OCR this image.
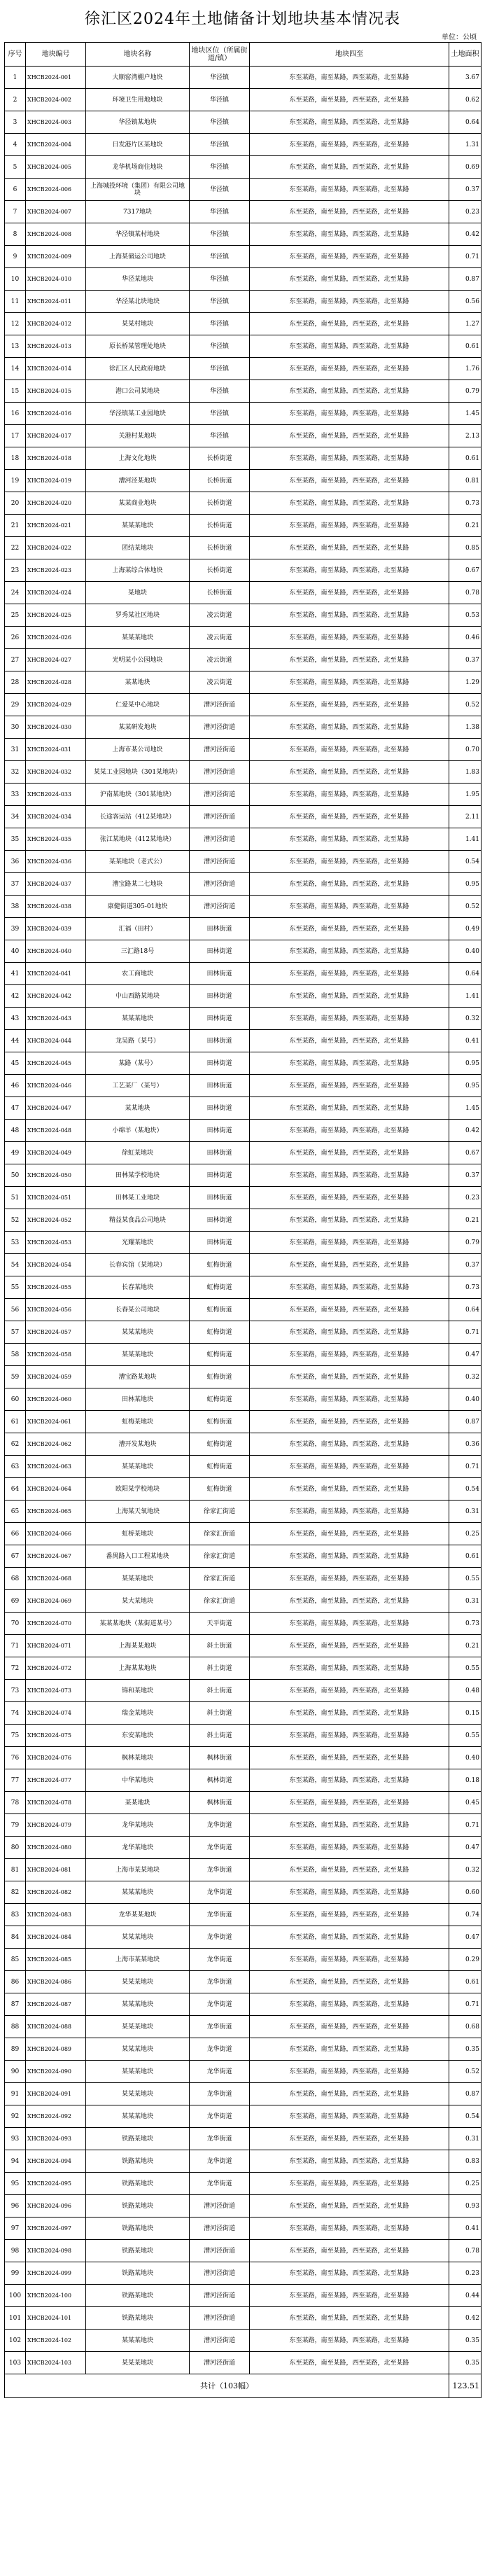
徐汇区2024年土地储备计划地块基本情况表
单位：公顷
序号	地块编号	地块名称	地块区位（所属街道/镇）	地块四至	土地面积
1	XHCB2024-001	大顺窑湾棚户地块	华泾镇	东至某路，南至某路，西至某路，北至某路	3.67
2	XHCB2024-002	环境卫生用地地块	华泾镇	东至某路，南至某路，西至某路，北至某路	0.62
3	XHCB2024-003	华泾镇某地块	华泾镇	东至某路，南至某路，西至某路，北至某路	0.64
4	XHCB2024-004	日发港片区某地块	华泾镇	东至某路，南至某路，西至某路，北至某路	1.31
5	XHCB2024-005	龙华机场商住地块	华泾镇	东至某路，南至某路，西至某路，北至某路	0.69
6	XHCB2024-006	上海城投环境（集团）有限公司地块	华泾镇	东至某路，南至某路，西至某路，北至某路	0.37
7	XHCB2024-007	7317地块	华泾镇	东至某路，南至某路，西至某路，北至某路	0.23
8	XHCB2024-008	华泾镇某村地块	华泾镇	东至某路，南至某路，西至某路，北至某路	0.42
9	XHCB2024-009	上海某储运公司地块	华泾镇	东至某路，南至某路，西至某路，北至某路	0.71
10	XHCB2024-010	华泾某地块	华泾镇	东至某路，南至某路，西至某路，北至某路	0.87
11	XHCB2024-011	华泾某北块地块	华泾镇	东至某路，南至某路，西至某路，北至某路	0.56
12	XHCB2024-012	某某村地块	华泾镇	东至某路，南至某路，西至某路，北至某路	1.27
13	XHCB2024-013	原长桥某管理处地块	华泾镇	东至某路，南至某路，西至某路，北至某路	0.61
14	XHCB2024-014	徐汇区人民政府地块	华泾镇	东至某路，南至某路，西至某路，北至某路	1.76
15	XHCB2024-015	港口公司某地块	华泾镇	东至某路，南至某路，西至某路，北至某路	0.79
16	XHCB2024-016	华泾镇某工业园地块	华泾镇	东至某路，南至某路，西至某路，北至某路	1.45
17	XHCB2024-017	关港村某地块	华泾镇	东至某路，南至某路，西至某路，北至某路	2.13
18	XHCB2024-018	上海文化地块	长桥街道	东至某路，南至某路，西至某路，北至某路	0.61
19	XHCB2024-019	漕河泾某地块	长桥街道	东至某路，南至某路，西至某路，北至某路	0.81
20	XHCB2024-020	某某商业地块	长桥街道	东至某路，南至某路，西至某路，北至某路	0.73
21	XHCB2024-021	某某某地块	长桥街道	东至某路，南至某路，西至某路，北至某路	0.21
22	XHCB2024-022	团结某地块	长桥街道	东至某路，南至某路，西至某路，北至某路	0.85
23	XHCB2024-023	上海某综合体地块	长桥街道	东至某路，南至某路，西至某路，北至某路	0.67
24	XHCB2024-024	某地块	长桥街道	东至某路，南至某路，西至某路，北至某路	0.78
25	XHCB2024-025	罗秀某社区地块	凌云街道	东至某路，南至某路，西至某路，北至某路	0.53
26	XHCB2024-026	某某某地块	凌云街道	东至某路，南至某路，西至某路，北至某路	0.46
27	XHCB2024-027	光明某小公园地块	凌云街道	东至某路，南至某路，西至某路，北至某路	0.37
28	XHCB2024-028	某某地块	凌云街道	东至某路，南至某路，西至某路，北至某路	1.29
29	XHCB2024-029	仁爱某中心地块	漕河泾街道	东至某路，南至某路，西至某路，北至某路	0.52
30	XHCB2024-030	某某研发地块	漕河泾街道	东至某路，南至某路，西至某路，北至某路	1.38
31	XHCB2024-031	上海市某公司地块	漕河泾街道	东至某路，南至某路，西至某路，北至某路	0.70
32	XHCB2024-032	某某工业园地块（301某地块）	漕河泾街道	东至某路，南至某路，西至某路，北至某路	1.83
33	XHCB2024-033	沪南某地块（301某地块）	漕河泾街道	东至某路，南至某路，西至某路，北至某路	1.95
34	XHCB2024-034	长途客运站（412某地块）	漕河泾街道	东至某路，南至某路，西至某路，北至某路	2.11
35	XHCB2024-035	张江某地块（412某地块）	漕河泾街道	东至某路，南至某路，西至某路，北至某路	1.41
36	XHCB2024-036	某某地块（老式公）	漕河泾街道	东至某路，南至某路，西至某路，北至某路	0.54
37	XHCB2024-037	漕宝路某二七地块	漕河泾街道	东至某路，南至某路，西至某路，北至某路	0.95
38	XHCB2024-038	康健街道305-01地块	漕河泾街道	东至某路，南至某路，西至某路，北至某路	0.52
39	XHCB2024-039	汇福（田村）	田林街道	东至某路，南至某路，西至某路，北至某路	0.49
40	XHCB2024-040	三汇路18号	田林街道	东至某路，南至某路，西至某路，北至某路	0.40
41	XHCB2024-041	农工商地块	田林街道	东至某路，南至某路，西至某路，北至某路	0.64
42	XHCB2024-042	中山西路某地块	田林街道	东至某路，南至某路，西至某路，北至某路	1.41
43	XHCB2024-043	某某某地块	田林街道	东至某路，南至某路，西至某路，北至某路	0.32
44	XHCB2024-044	龙吴路（某号）	田林街道	东至某路，南至某路，西至某路，北至某路	0.41
45	XHCB2024-045	某路（某号）	田林街道	东至某路，南至某路，西至某路，北至某路	0.95
46	XHCB2024-046	工艺某厂（某号）	田林街道	东至某路，南至某路，西至某路，北至某路	0.95
47	XHCB2024-047	某某地块	田林街道	东至某路，南至某路，西至某路，北至某路	1.45
48	XHCB2024-048	小绵羊（某地块）	田林街道	东至某路，南至某路，西至某路，北至某路	0.42
49	XHCB2024-049	徐虹某地块	田林街道	东至某路，南至某路，西至某路，北至某路	0.67
50	XHCB2024-050	田林某学校地块	田林街道	东至某路，南至某路，西至某路，北至某路	0.37
51	XHCB2024-051	田林某工业地块	田林街道	东至某路，南至某路，西至某路，北至某路	0.23
52	XHCB2024-052	精益某食品公司地块	田林街道	东至某路，南至某路，西至某路，北至某路	0.21
53	XHCB2024-053	光耀某地块	田林街道	东至某路，南至某路，西至某路，北至某路	0.79
54	XHCB2024-054	长春宾馆（某地块）	虹梅街道	东至某路，南至某路，西至某路，北至某路	0.37
55	XHCB2024-055	长春某地块	虹梅街道	东至某路，南至某路，西至某路，北至某路	0.73
56	XHCB2024-056	长春某公司地块	虹梅街道	东至某路，南至某路，西至某路，北至某路	0.64
57	XHCB2024-057	某某某地块	虹梅街道	东至某路，南至某路，西至某路，北至某路	0.71
58	XHCB2024-058	某某某地块	虹梅街道	东至某路，南至某路，西至某路，北至某路	0.47
59	XHCB2024-059	漕宝路某地块	虹梅街道	东至某路，南至某路，西至某路，北至某路	0.32
60	XHCB2024-060	田林某地块	虹梅街道	东至某路，南至某路，西至某路，北至某路	0.40
61	XHCB2024-061	虹梅某地块	虹梅街道	东至某路，南至某路，西至某路，北至某路	0.87
62	XHCB2024-062	漕开发某地块	虹梅街道	东至某路，南至某路，西至某路，北至某路	0.36
63	XHCB2024-063	某某某地块	虹梅街道	东至某路，南至某路，西至某路，北至某路	0.71
64	XHCB2024-064	欧阳某学校地块	虹梅街道	东至某路，南至某路，西至某路，北至某路	0.54
65	XHCB2024-065	上海某天氧地块	徐家汇街道	东至某路，南至某路，西至某路，北至某路	0.31
66	XHCB2024-066	虹桥某地块	徐家汇街道	东至某路，南至某路，西至某路，北至某路	0.25
67	XHCB2024-067	番禺路入口工程某地块	徐家汇街道	东至某路，南至某路，西至某路，北至某路	0.61
68	XHCB2024-068	某某某地块	徐家汇街道	东至某路，南至某路，西至某路，北至某路	0.55
69	XHCB2024-069	某大某地块	徐家汇街道	东至某路，南至某路，西至某路，北至某路	0.31
70	XHCB2024-070	某某某地块（某街道某号）	天平街道	东至某路，南至某路，西至某路，北至某路	0.73
71	XHCB2024-071	上海某某地块	斜土街道	东至某路，南至某路，西至某路，北至某路	0.21
72	XHCB2024-072	上海某某地块	斜土街道	东至某路，南至某路，西至某路，北至某路	0.55
73	XHCB2024-073	锦和某地块	斜土街道	东至某路，南至某路，西至某路，北至某路	0.48
74	XHCB2024-074	瑞金某地块	斜土街道	东至某路，南至某路，西至某路，北至某路	0.15
75	XHCB2024-075	东安某地块	斜土街道	东至某路，南至某路，西至某路，北至某路	0.55
76	XHCB2024-076	枫林某地块	枫林街道	东至某路，南至某路，西至某路，北至某路	0.40
77	XHCB2024-077	中华某地块	枫林街道	东至某路，南至某路，西至某路，北至某路	0.18
78	XHCB2024-078	某某地块	枫林街道	东至某路，南至某路，西至某路，北至某路	0.45
79	XHCB2024-079	龙华某地块	龙华街道	东至某路，南至某路，西至某路，北至某路	0.71
80	XHCB2024-080	龙华某地块	龙华街道	东至某路，南至某路，西至某路，北至某路	0.47
81	XHCB2024-081	上海市某某地块	龙华街道	东至某路，南至某路，西至某路，北至某路	0.32
82	XHCB2024-082	某某某地块	龙华街道	东至某路，南至某路，西至某路，北至某路	0.60
83	XHCB2024-083	龙华某某地块	龙华街道	东至某路，南至某路，西至某路，北至某路	0.74
84	XHCB2024-084	某某某地块	龙华街道	东至某路，南至某路，西至某路，北至某路	0.47
85	XHCB2024-085	上海市某某地块	龙华街道	东至某路，南至某路，西至某路，北至某路	0.29
86	XHCB2024-086	某某某地块	龙华街道	东至某路，南至某路，西至某路，北至某路	0.61
87	XHCB2024-087	某某某地块	龙华街道	东至某路，南至某路，西至某路，北至某路	0.71
88	XHCB2024-088	某某某地块	龙华街道	东至某路，南至某路，西至某路，北至某路	0.68
89	XHCB2024-089	某某某地块	龙华街道	东至某路，南至某路，西至某路，北至某路	0.35
90	XHCB2024-090	某某某地块	龙华街道	东至某路，南至某路，西至某路，北至某路	0.52
91	XHCB2024-091	某某某地块	龙华街道	东至某路，南至某路，西至某路，北至某路	0.87
92	XHCB2024-092	某某某地块	龙华街道	东至某路，南至某路，西至某路，北至某路	0.54
93	XHCB2024-093	铁路某地块	龙华街道	东至某路，南至某路，西至某路，北至某路	0.31
94	XHCB2024-094	铁路某地块	龙华街道	东至某路，南至某路，西至某路，北至某路	0.83
95	XHCB2024-095	铁路某地块	龙华街道	东至某路，南至某路，西至某路，北至某路	0.25
96	XHCB2024-096	铁路某地块	漕河泾街道	东至某路，南至某路，西至某路，北至某路	0.93
97	XHCB2024-097	铁路某地块	漕河泾街道	东至某路，南至某路，西至某路，北至某路	0.41
98	XHCB2024-098	铁路某地块	漕河泾街道	东至某路，南至某路，西至某路，北至某路	0.78
99	XHCB2024-099	铁路某地块	漕河泾街道	东至某路，南至某路，西至某路，北至某路	0.23
100	XHCB2024-100	铁路某地块	漕河泾街道	东至某路，南至某路，西至某路，北至某路	0.44
101	XHCB2024-101	铁路某地块	漕河泾街道	东至某路，南至某路，西至某路，北至某路	0.42
102	XHCB2024-102	某某某地块	漕河泾街道	东至某路，南至某路，西至某路，北至某路	0.35
103	XHCB2024-103	某某某地块	漕河泾街道	东至某路，南至某路，西至某路，北至某路	0.35
共计（103幅）					123.51
